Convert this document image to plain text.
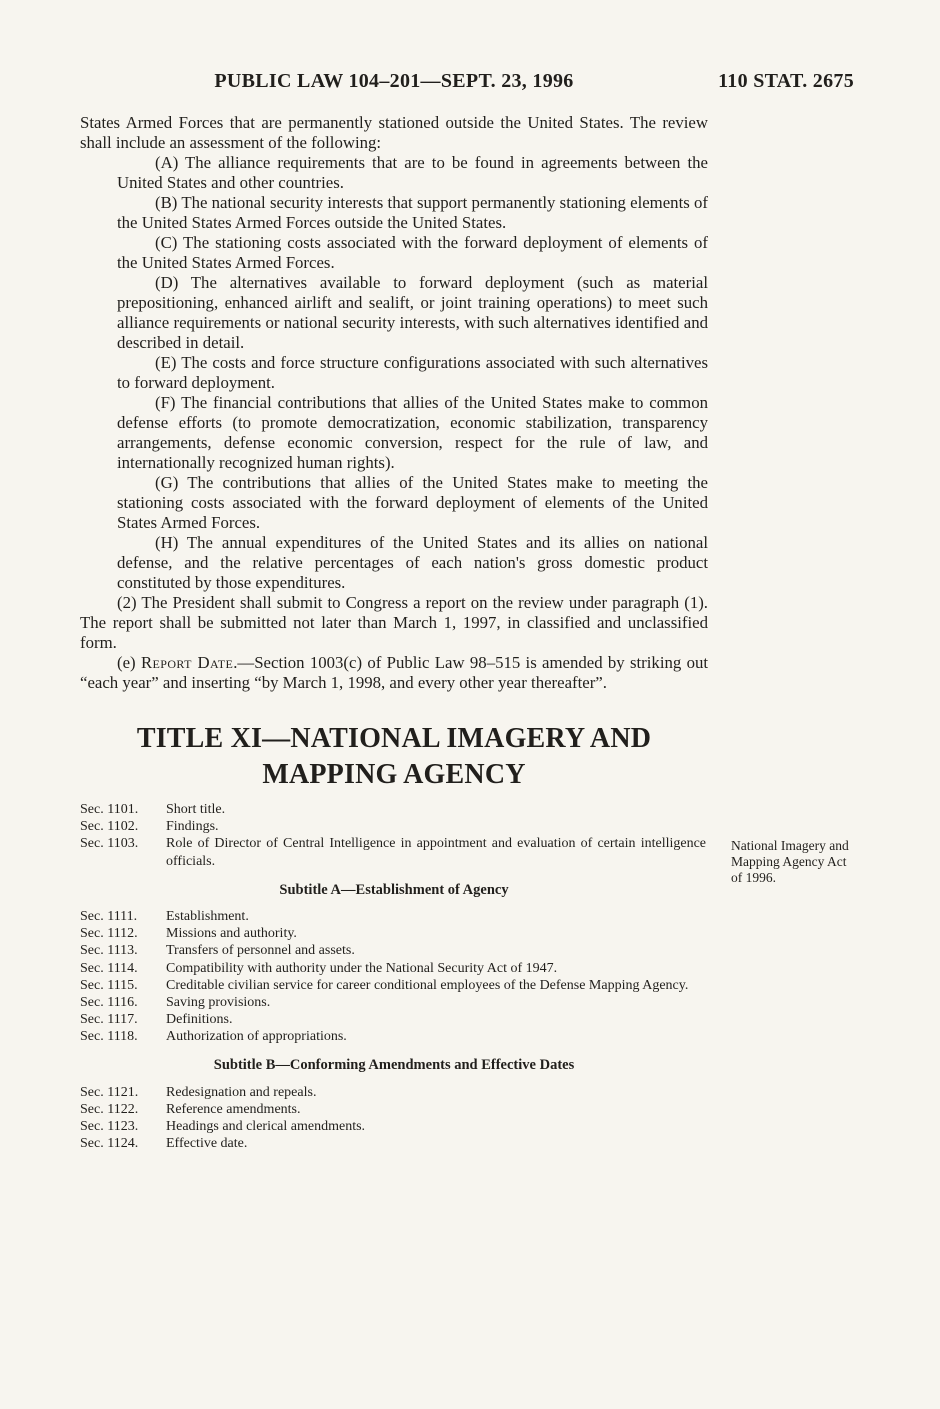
PUBLIC LAW 104–201—SEPT. 23, 1996	110 STAT. 2675

States Armed Forces that are permanently stationed outside the United States. The review shall include an assessment of the following:

(A) The alliance requirements that are to be found in agreements between the United States and other countries.

(B) The national security interests that support permanently stationing elements of the United States Armed Forces outside the United States.

(C) The stationing costs associated with the forward deployment of elements of the United States Armed Forces.

(D) The alternatives available to forward deployment (such as material prepositioning, enhanced airlift and sealift, or joint training operations) to meet such alliance requirements or national security interests, with such alternatives identified and described in detail.

(E) The costs and force structure configurations associated with such alternatives to forward deployment.

(F) The financial contributions that allies of the United States make to common defense efforts (to promote democratization, economic stabilization, transparency arrangements, defense economic conversion, respect for the rule of law, and internationally recognized human rights).

(G) The contributions that allies of the United States make to meeting the stationing costs associated with the forward deployment of elements of the United States Armed Forces.

(H) The annual expenditures of the United States and its allies on national defense, and the relative percentages of each nation's gross domestic product constituted by those expenditures.

(2) The President shall submit to Congress a report on the review under paragraph (1). The report shall be submitted not later than March 1, 1997, in classified and unclassified form.

(e) Report Date.—Section 1003(c) of Public Law 98–515 is amended by striking out “each year” and inserting “by March 1, 1998, and every other year thereafter”.

TITLE XI—NATIONAL IMAGERY AND
MAPPING AGENCY
Sec. 1101.	Short title.
Sec. 1102.	Findings.
Sec. 1103.	Role of Director of Central Intelligence in appointment and evaluation of certain intelligence officials.
Subtitle A—Establishment of Agency
Sec. 1111.	Establishment.
Sec. 1112.	Missions and authority.
Sec. 1113.	Transfers of personnel and assets.
Sec. 1114.	Compatibility with authority under the National Security Act of 1947.
Sec. 1115.	Creditable civilian service for career conditional employees of the Defense Mapping Agency.
Sec. 1116.	Saving provisions.
Sec. 1117.	Definitions.
Sec. 1118.	Authorization of appropriations.
Subtitle B—Conforming Amendments and Effective Dates
Sec. 1121.	Redesignation and repeals.
Sec. 1122.	Reference amendments.
Sec. 1123.	Headings and clerical amendments.
Sec. 1124.	Effective date.
National Imagery and Mapping Agency Act of 1996.
